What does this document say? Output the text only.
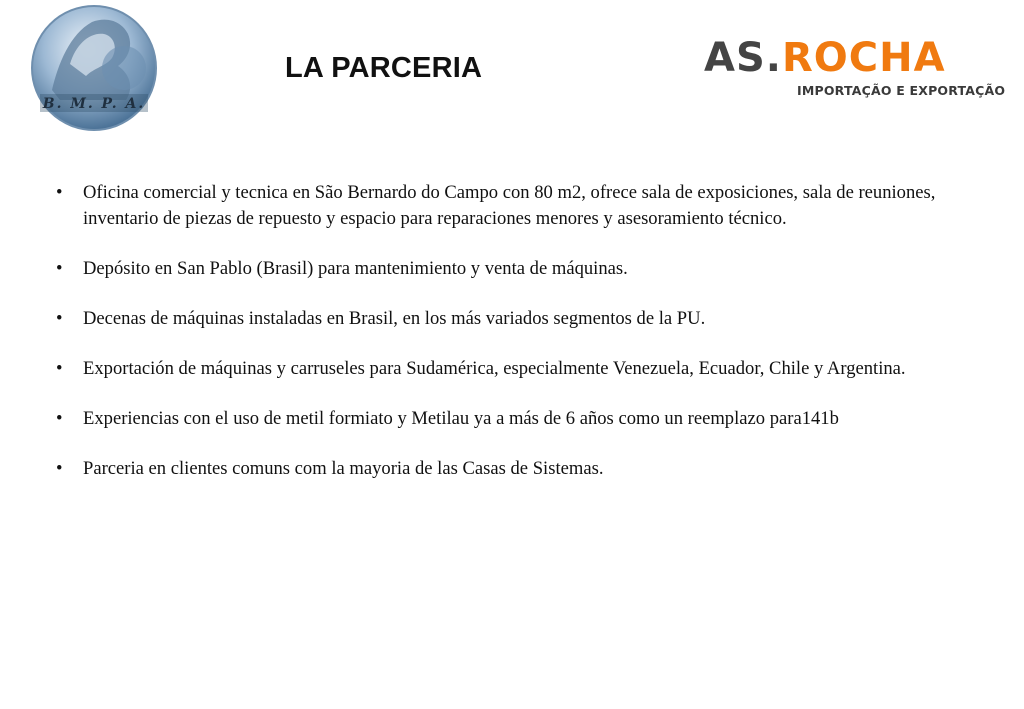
B. M. P. A.
LA PARCERIA	AS.ROCHA
IMPORTAÇÃO E EXPORTAÇÃO
• Oficina comercial y tecnica en São Bernardo do Campo con 80 m2, ofrece sala de exposiciones, sala de reuniones, inventario de piezas de repuesto y espacio para reparaciones menores y asesoramiento técnico.
• Depósito en San Pablo (Brasil) para mantenimiento y venta de máquinas.
• Decenas de máquinas instaladas en Brasil, en los más variados segmentos de la PU.
• Exportación de máquinas y carruseles para Sudamérica, especialmente Venezuela, Ecuador, Chile y Argentina.
• Experiencias con el uso de metil formiato y Metilau ya a más de 6 años como un reemplazo para141b
• Parceria en clientes comuns com la mayoria de las Casas de Sistemas.
